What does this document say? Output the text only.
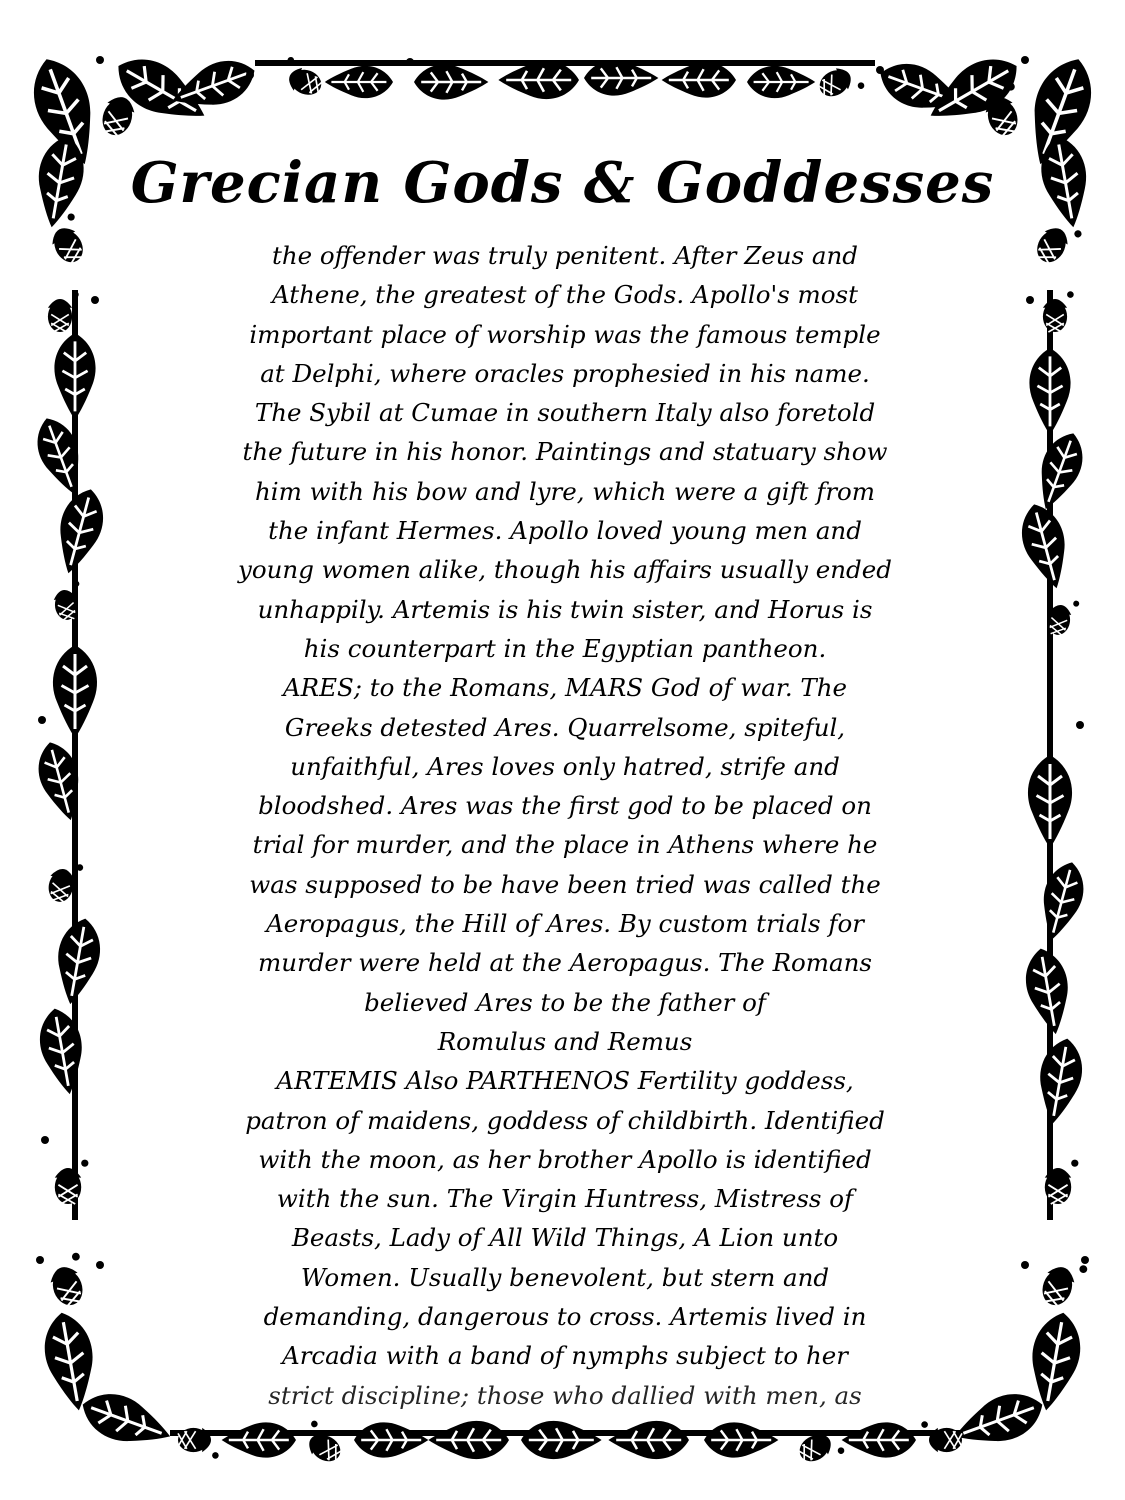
Grecian Gods & Goddesses
the offender was truly penitent. After Zeus and
Athene, the greatest of the Gods. Apollo's most
important place of worship was the famous temple
at Delphi, where oracles prophesied in his name.
The Sybil at Cumae in southern Italy also foretold
the future in his honor. Paintings and statuary show
him with his bow and lyre, which were a gift from
the infant Hermes. Apollo loved young men and
young women alike, though his affairs usually ended
unhappily. Artemis is his twin sister, and Horus is
his counterpart in the Egyptian pantheon.
ARES; to the Romans, MARS God of war. The
Greeks detested Ares. Quarrelsome, spiteful,
unfaithful, Ares loves only hatred, strife and
bloodshed. Ares was the first god to be placed on
trial for murder, and the place in Athens where he
was supposed to be have been tried was called the
Aeropagus, the Hill of Ares. By custom trials for
murder were held at the Aeropagus. The Romans
believed Ares to be the father of
Romulus and Remus
ARTEMIS Also PARTHENOS Fertility goddess,
patron of maidens, goddess of childbirth. Identified
with the moon, as her brother Apollo is identified
with the sun. The Virgin Huntress, Mistress of
Beasts, Lady of All Wild Things, A Lion unto
Women. Usually benevolent, but stern and
demanding, dangerous to cross. Artemis lived in
Arcadia with a band of nymphs subject to her
strict discipline; those who dallied with men, as
